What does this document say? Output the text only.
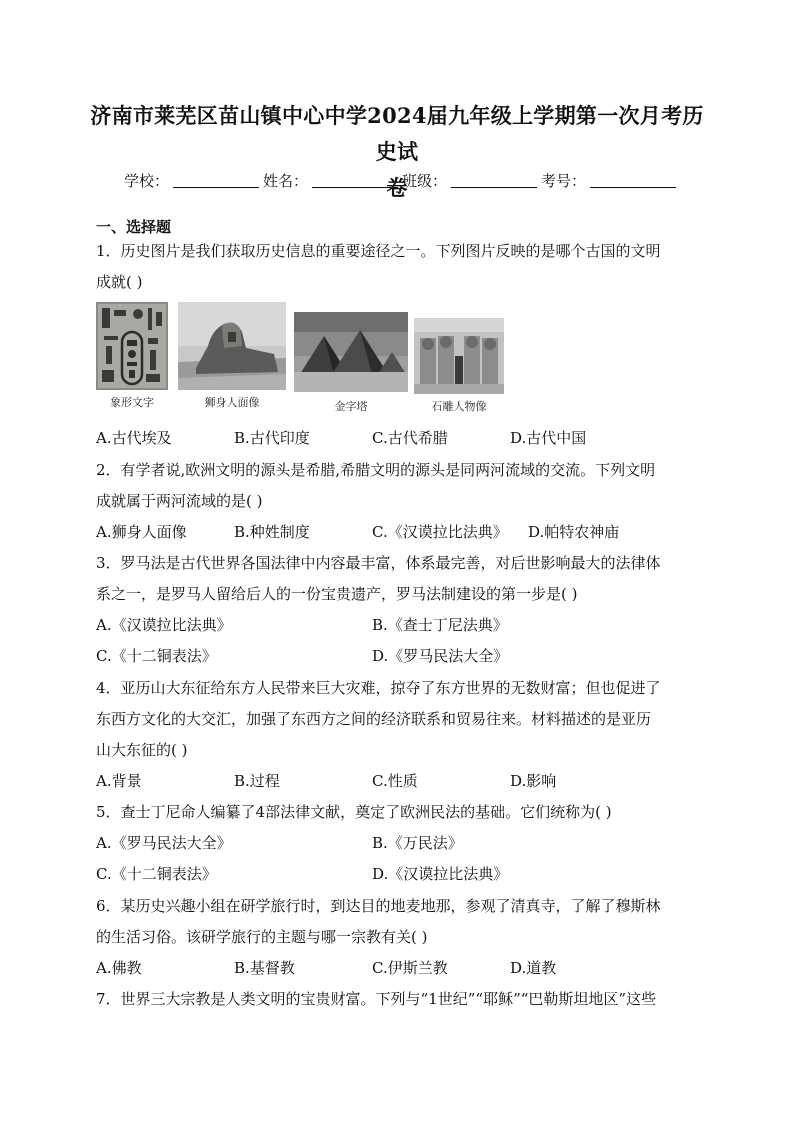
济南市莱芜区苗山镇中心中学2024届九年级上学期第一次月考历史试
卷
学校：	姓名：	班级：	考号：
一、选择题
1．历史图片是我们获取历史信息的重要途径之一。下列图片反映的是哪个古国的文明
成就( )
象形文字	狮身人面像	金字塔	石雕人物像
A.古代埃及	B.古代印度	C.古代希腊	D.古代中国
2．有学者说,欧洲文明的源头是希腊,希腊文明的源头是同两河流域的交流。下列文明
成就属于两河流域的是( )
A.狮身人面像	B.种姓制度	C.《汉谟拉比法典》 D.帕特农神庙
3．罗马法是古代世界各国法律中内容最丰富，体系最完善，对后世影响最大的法律体
系之一，是罗马人留给后人的一份宝贵遗产，罗马法制建设的第一步是( )
A.《汉谟拉比法典》	B.《查士丁尼法典》
C.《十二铜表法》	D.《罗马民法大全》
4．亚历山大东征给东方人民带来巨大灾难，掠夺了东方世界的无数财富；但也促进了
东西方文化的大交汇，加强了东西方之间的经济联系和贸易往来。材料描述的是亚历
山大东征的( )
A.背景	B.过程	C.性质	D.影响
5．查士丁尼命人编纂了4部法律文献，奠定了欧洲民法的基础。它们统称为( )
A.《罗马民法大全》	B.《万民法》
C.《十二铜表法》	D.《汉谟拉比法典》
6．某历史兴趣小组在研学旅行时，到达目的地麦地那，参观了清真寺，了解了穆斯林
的生活习俗。该研学旅行的主题与哪一宗教有关( )
A.佛教	B.基督教	C.伊斯兰教	D.道教
7．世界三大宗教是人类文明的宝贵财富。下列与“1世纪”“耶稣”“巴勒斯坦地区”这些
